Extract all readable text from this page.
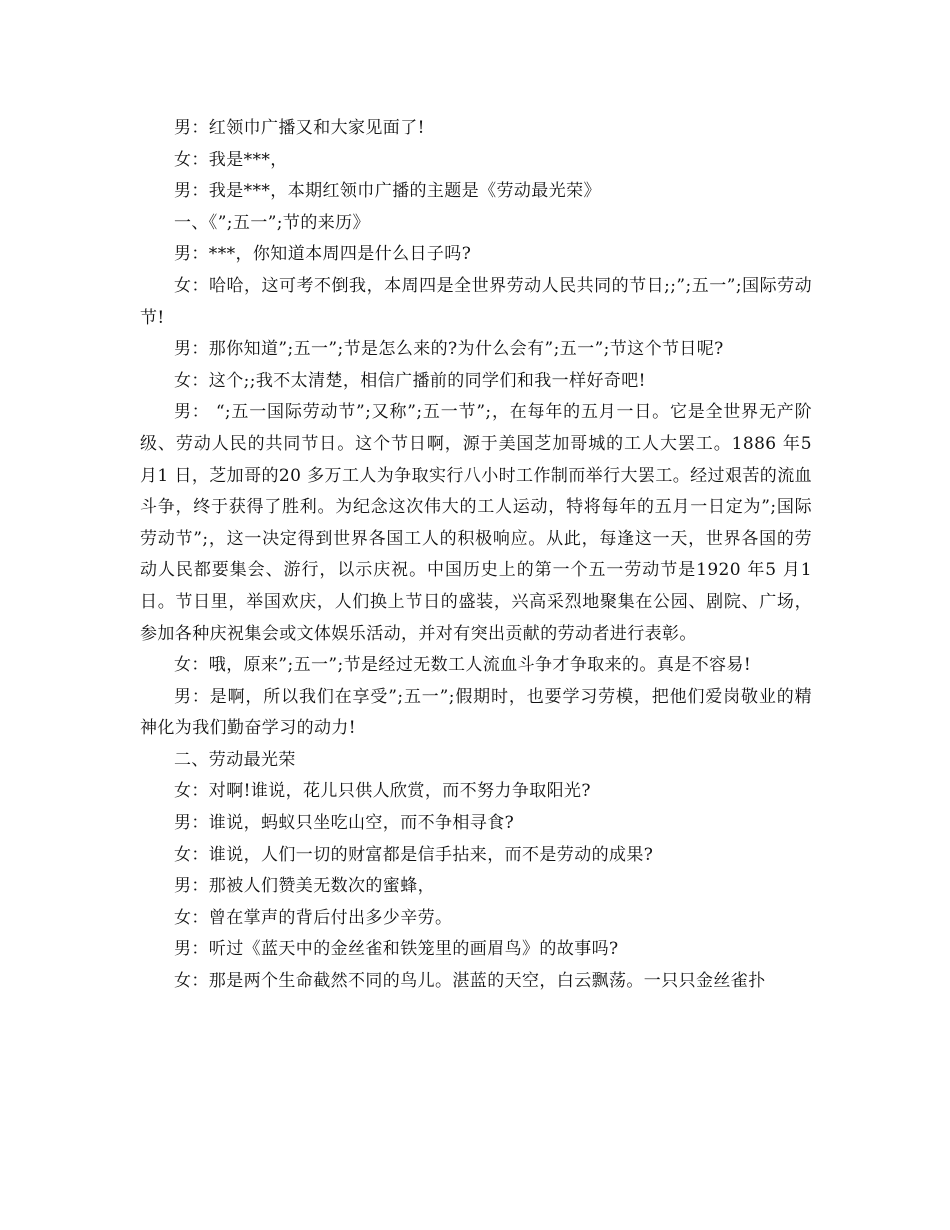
男：红领巾广播又和大家见面了!

女：我是***，

男：我是***，本期红领巾广播的主题是《劳动最光荣》

一、《”;五一”;节的来历》

男：***，你知道本周四是什么日子吗?

女：哈哈，这可考不倒我，本周四是全世界劳动人民共同的节日;;”;五一”;国际劳动节!

男：那你知道”;五一”;节是怎么来的?为什么会有”;五一”;节这个节日呢?

女：这个;;我不太清楚，相信广播前的同学们和我一样好奇吧!

男： “;五一国际劳动节”;又称”;五一节”;，在每年的五月一日。它是全世界无产阶级、劳动人民的共同节日。这个节日啊，源于美国芝加哥城的工人大罢工。1886 年5 月1 日，芝加哥的20 多万工人为争取实行八小时工作制而举行大罢工。经过艰苦的流血斗争，终于获得了胜利。为纪念这次伟大的工人运动，特将每年的五月一日定为”;国际劳动节”;，这一决定得到世界各国工人的积极响应。从此，每逢这一天，世界各国的劳动人民都要集会、游行，以示庆祝。中国历史上的第一个五一劳动节是1920 年5 月1 日。节日里，举国欢庆，人们换上节日的盛装，兴高采烈地聚集在公园、剧院、广场，参加各种庆祝集会或文体娱乐活动，并对有突出贡献的劳动者进行表彰。

女：哦，原来”;五一”;节是经过无数工人流血斗争才争取来的。真是不容易!

男：是啊，所以我们在享受”;五一”;假期时，也要学习劳模，把他们爱岗敬业的精神化为我们勤奋学习的动力!

二、劳动最光荣

女：对啊!谁说，花儿只供人欣赏，而不努力争取阳光?

男：谁说，蚂蚁只坐吃山空，而不争相寻食?

女：谁说，人们一切的财富都是信手拈来，而不是劳动的成果?

男：那被人们赞美无数次的蜜蜂，

女：曾在掌声的背后付出多少辛劳。

男：听过《蓝天中的金丝雀和铁笼里的画眉鸟》的故事吗?

女：那是两个生命截然不同的鸟儿。湛蓝的天空，白云飘荡。一只只金丝雀扑
